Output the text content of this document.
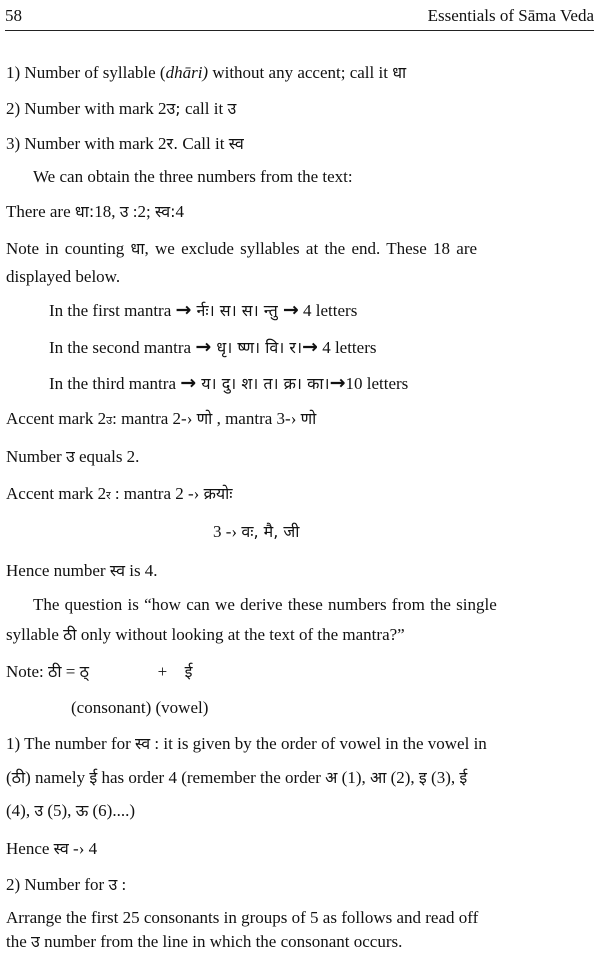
58	Essentials of Sāma Veda
1) Number of syllable (dhāri) without any accent; call it धा
2) Number with mark 2उ; call it उ
3) Number with mark 2र. Call it स्व
We can obtain the three numbers from the text:
There are धा:18, उ :2; स्व:4
Note in counting धा, we exclude syllables at the end. These 18 are
displayed below.
In the first mantra → र्नः। स। स। न्तु → 4 letters
In the second mantra → धृ। ष्ण। वि। र।→ 4 letters
In the third mantra → य। दु। श। त। क्र। का।→10 letters
Accent mark 2उ: mantra 2-› णो , mantra 3-› णो
Number उ equals 2.
Accent mark 2र : mantra 2 -› क्रयोः
3 -› वः, मै, जी
Hence number स्व is 4.
The question is “how can we derive these numbers from the single
syllable ठी only without looking at the text of the mantra?”
Note: ठी = ठ्	+ ई
(consonant) (vowel)
1) The number for स्व : it is given by the order of vowel in the vowel in
(ठी) namely ई has order 4 (remember the order अ (1), आ (2), इ (3), ई
(4), उ (5), ऊ (6)....)
Hence स्व -› 4
2) Number for उ :
Arrange the first 25 consonants in groups of 5 as follows and read off
the उ number from the line in which the consonant occurs.
